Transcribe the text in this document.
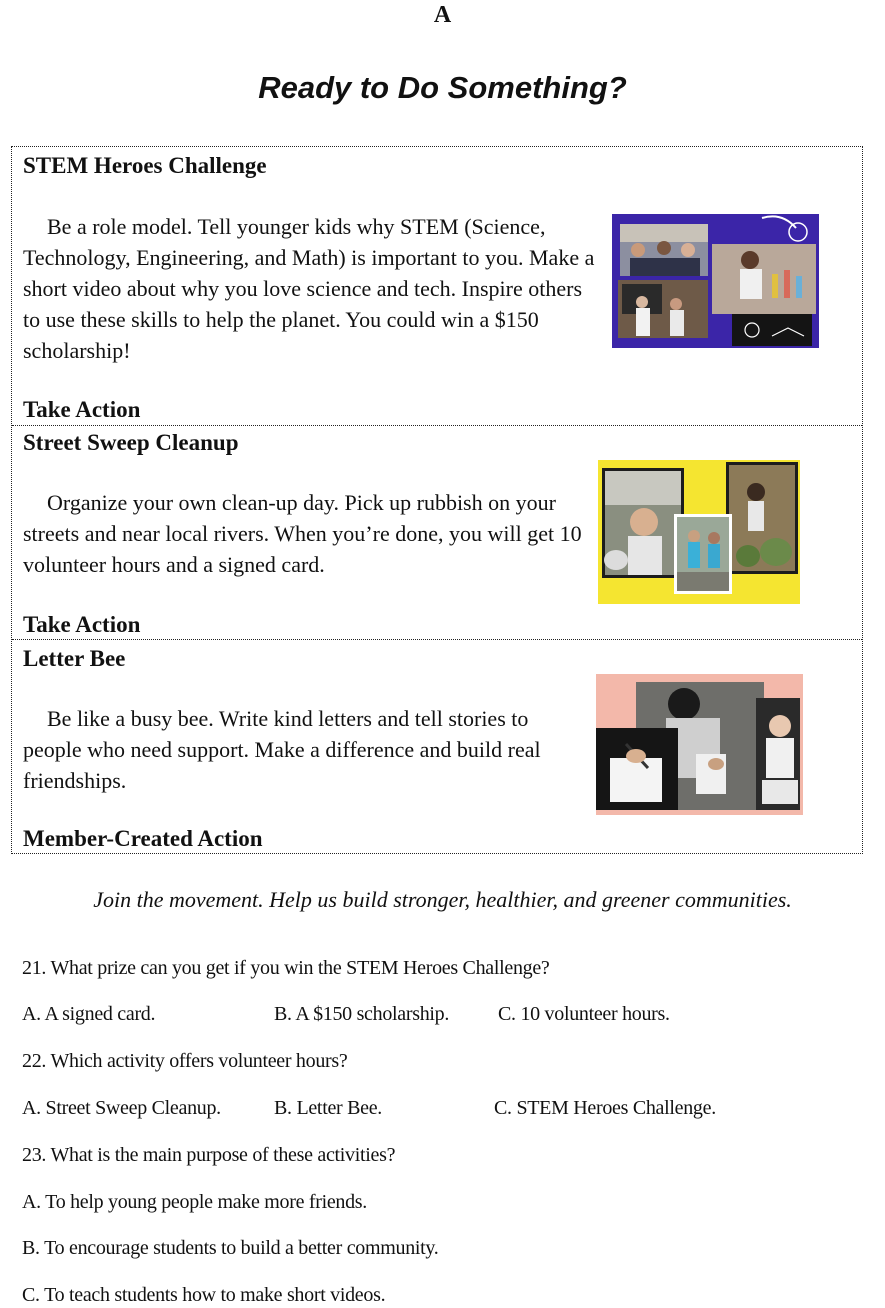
A
Ready to Do Something?
STEM Heroes Challenge

Be a role model. Tell younger kids why STEM (Science, Technology, Engineering, and Math) is important to you. Make a short video about why you love science and tech. Inspire others to use these skills to help the planet. You could win a $150 scholarship!

Take Action
Street Sweep Cleanup

Organize your own clean-up day. Pick up rubbish on your streets and near local rivers. When you’re done, you will get 10 volunteer hours and a signed card.

Take Action
Letter Bee

Be like a busy bee. Write kind letters and tell stories to people who need support. Make a difference and build real friendships.

Member-Created Action
Join the movement. Help us build stronger, healthier, and greener communities.
21. What prize can you get if you win the STEM Heroes Challenge?
A. A signed card.	B. A $150 scholarship. C. 10 volunteer hours.
22. Which activity offers volunteer hours?
A. Street Sweep Cleanup.	B. Letter Bee.	C. STEM Heroes Challenge.
23. What is the main purpose of these activities?
A. To help young people make more friends.
B. To encourage students to build a better community.
C. To teach students how to make short videos.
